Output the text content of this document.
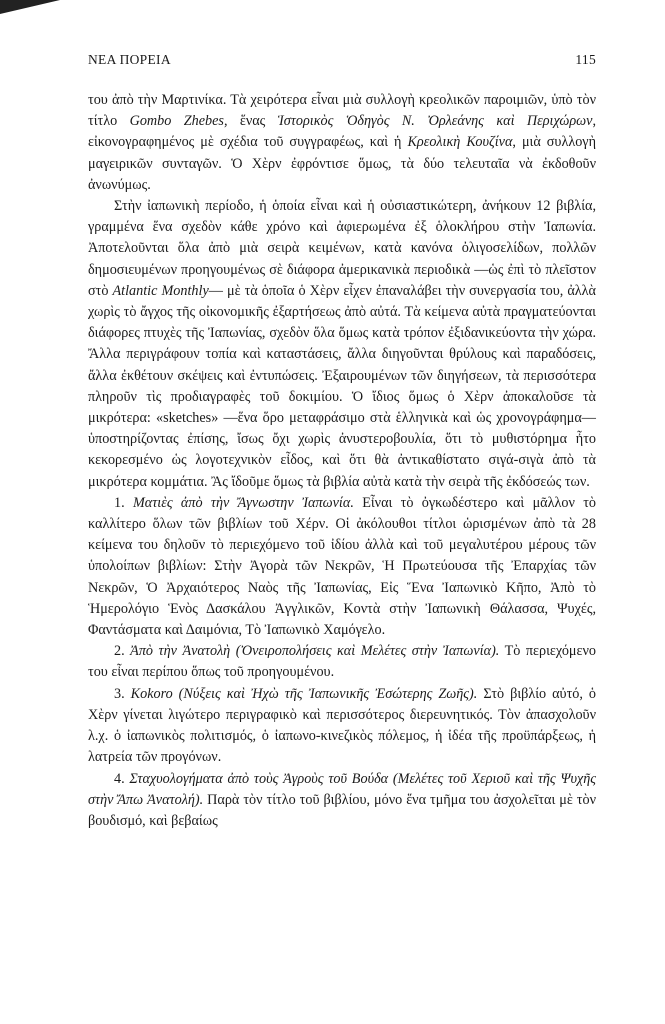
ΝΕΑ ΠΟΡΕΙΑ	115

του ἀπὸ τὴν Μαρτινίκα. Τὰ χειρότερα εἶναι μιὰ συλλογὴ κρεολικῶν παροιμιῶν, ὑπὸ τὸν τίτλο Gombo Zhebes, ἕνας Ἱστορικὸς Ὁδηγὸς Ν. Ὀρλεάνης καὶ Περιχώρων, εἰκονογραφημένος μὲ σχέδια τοῦ συγγραφέως, καὶ ἡ Κρεολικὴ Κουζίνα, μιὰ συλλογὴ μαγειρικῶν συνταγῶν. Ὁ Χὲρν ἐφρόντισε ὅμως, τὰ δύο τελευταῖα νὰ ἐκδοθοῦν ἀνωνύμως.

Στὴν ἰαπωνικὴ περίοδο, ἡ ὁποία εἶναι καὶ ἡ οὐσιαστικώτερη, ἀνήκουν 12 βιβλία, γραμμένα ἕνα σχεδὸν κάθε χρόνο καὶ ἀφιερωμένα ἐξ ὁλοκλήρου στὴν Ἰαπωνία. Ἀποτελοῦνται ὅλα ἀπὸ μιὰ σειρὰ κειμένων, κατὰ κανόνα ὀλιγοσελίδων, πολλῶν δημοσιευμένων προηγουμένως σὲ διάφορα ἀμερικανικὰ περιοδικὰ —ὡς ἐπὶ τὸ πλεῖστον στὸ Atlantic Monthly— μὲ τὰ ὁποῖα ὁ Χὲρν εἶχεν ἐπαναλάβει τὴν συνεργασία του, ἀλλὰ χωρὶς τὸ ἄγχος τῆς οἰκονομικῆς ἐξαρτήσεως ἀπὸ αὐτά. Τὰ κείμενα αὐτὰ πραγματεύονται διάφορες πτυχὲς τῆς Ἰαπωνίας, σχεδὸν ὅλα ὅμως κατὰ τρόπον ἐξιδανικεύοντα τὴν χώρα. Ἄλλα περιγράφουν τοπία καὶ καταστάσεις, ἄλλα διηγοῦνται θρύλους καὶ παραδόσεις, ἄλλα ἐκθέτουν σκέψεις καὶ ἐντυπώσεις. Ἐξαιρουμένων τῶν διηγήσεων, τὰ περισσότερα πληροῦν τὶς προδιαγραφὲς τοῦ δοκιμίου. Ὁ ἴδιος ὅμως ὁ Χὲρν ἀποκαλοῦσε τὰ μικρότερα: «sketches» —ἕνα ὅρο μεταφράσιμο στὰ ἑλληνικὰ καὶ ὡς χρονογράφημα— ὑποστηρίζοντας ἐπίσης, ἴσως ὄχι χωρὶς ἀνυστεροβουλία, ὅτι τὸ μυθιστόρημα ἦτο κεκορεσμένο ὡς λογοτεχνικὸν εἶδος, καὶ ὅτι θὰ ἀντικαθίστατο σιγά-σιγὰ ἀπὸ τὰ μικρότερα κομμάτια. Ἂς ἴδοῦμε ὅμως τὰ βιβλία αὐτὰ κατὰ τὴν σειρὰ τῆς ἐκδόσεώς των.

1. Ματιὲς ἀπὸ τὴν Ἄγνωστην Ἰαπωνία. Εἶναι τὸ ὀγκωδέστερο καὶ μᾶλλον τὸ καλλίτερο ὅλων τῶν βιβλίων τοῦ Χέρν. Οἱ ἀκόλουθοι τίτλοι ὡρισμένων ἀπὸ τὰ 28 κείμενα του δηλοῦν τὸ περιεχόμενο τοῦ ἰδίου ἀλλὰ καὶ τοῦ μεγαλυτέρου μέρους τῶν ὑπολοίπων βιβλίων: Στὴν Ἀγορὰ τῶν Νεκρῶν, Ἡ Πρωτεύουσα τῆς Ἐπαρχίας τῶν Νεκρῶν, Ὁ Ἀρχαιότερος Ναὸς τῆς Ἰαπωνίας, Εἰς Ἕνα Ἰαπωνικὸ Κῆπο, Ἀπὸ τὸ Ἡμερολόγιο Ἑνὸς Δασκάλου Ἀγγλικῶν, Κοντὰ στὴν Ἰαπωνικὴ Θάλασσα, Ψυχές, Φαντάσματα καὶ Δαιμόνια, Τὸ Ἰαπωνικὸ Χαμόγελο.

2. Ἀπὸ τὴν Ἀνατολὴ (Ὀνειροπολήσεις καὶ Μελέτες στὴν Ἰαπωνία). Τὸ περιεχόμενο του εἶναι περίπου ὅπως τοῦ προηγουμένου.

3. Kokoro (Νύξεις καὶ Ἠχὼ τῆς Ἰαπωνικῆς Ἐσώτερης Ζωῆς). Στὸ βιβλίο αὐτό, ὁ Χὲρν γίνεται λιγώτερο περιγραφικὸ καὶ περισσότερος διερευνητικός. Τὸν ἀπασχολοῦν λ.χ. ὁ ἰαπωνικὸς πολιτισμός, ὁ ἰαπωνο-κινεζικὸς πόλεμος, ἡ ἰδέα τῆς προϋπάρξεως, ἡ λατρεία τῶν προγόνων.

4. Σταχυολογήματα ἀπὸ τοὺς Ἀγροὺς τοῦ Βούδα (Μελέτες τοῦ Χεριοῦ καὶ τῆς Ψυχῆς στὴν Ἄπω Ἀνατολή). Παρὰ τὸν τίτλο τοῦ βιβλίου, μόνο ἕνα τμῆμα του ἀσχολεῖται μὲ τὸν βουδισμό, καὶ βεβαίως
